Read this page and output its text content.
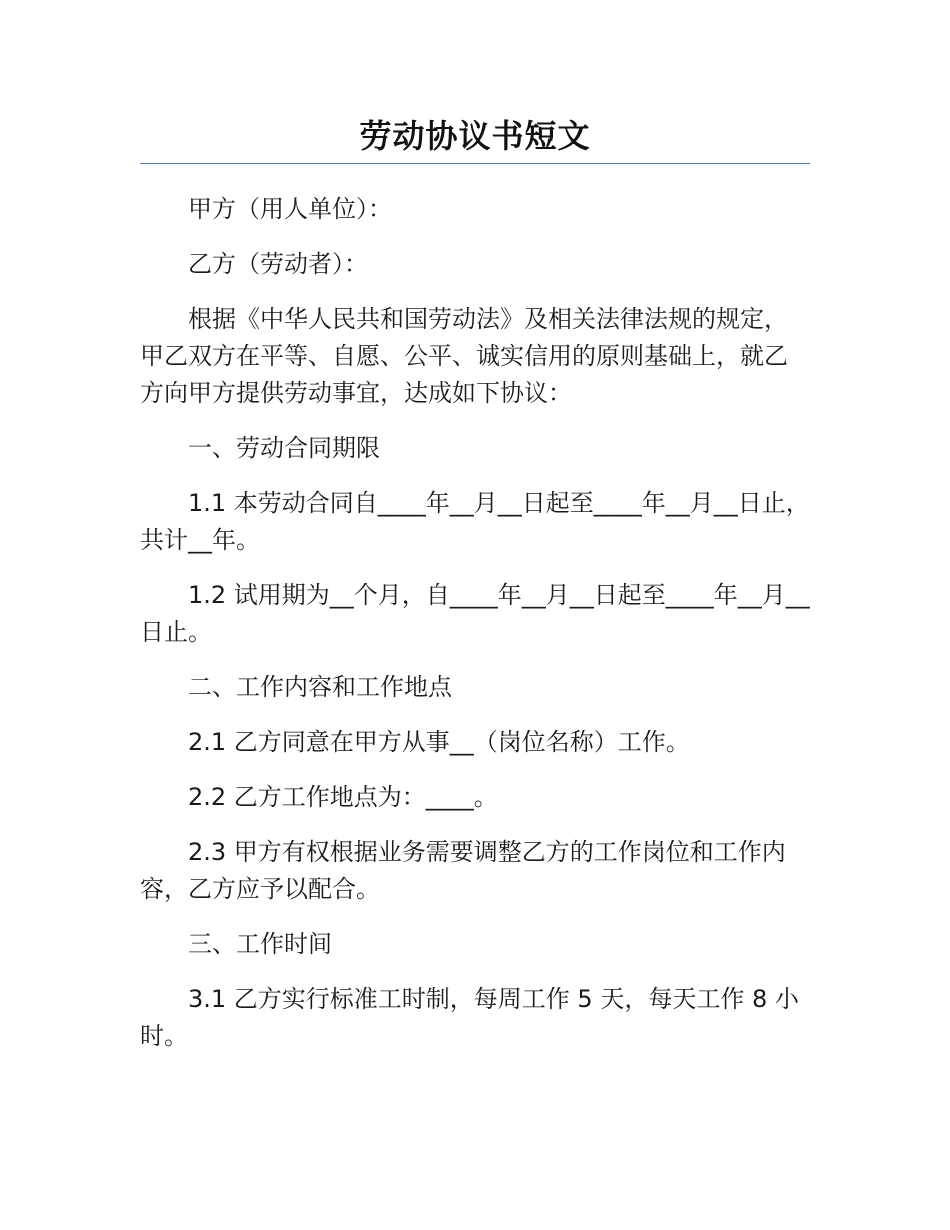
劳动协议书短文

甲方（用人单位）：

乙方（劳动者）：

根据《中华人民共和国劳动法》及相关法律法规的规定，甲乙双方在平等、自愿、公平、诚实信用的原则基础上，就乙方向甲方提供劳动事宜，达成如下协议：

一、劳动合同期限

1.1 本劳动合同自____年__月__日起至____年__月__日止，共计__年。

1.2 试用期为__个月，自____年__月__日起至____年__月__日止。

二、工作内容和工作地点

2.1 乙方同意在甲方从事__（岗位名称）工作。

2.2 乙方工作地点为：____。

2.3 甲方有权根据业务需要调整乙方的工作岗位和工作内容，乙方应予以配合。

三、工作时间

3.1 乙方实行标准工时制，每周工作 5 天，每天工作 8 小时。
